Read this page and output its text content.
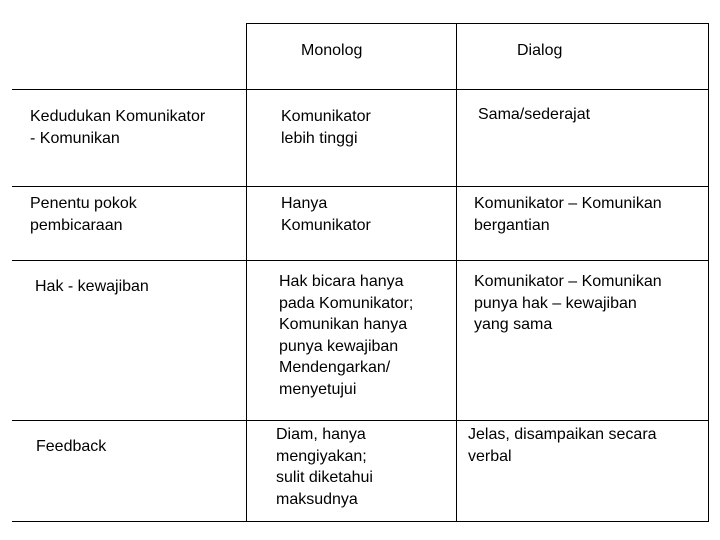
Monolog	Dialog
Kedudukan Komunikator
- Komunikan
Komunikator
lebih tinggi
Sama/sederajat
Penentu pokok
pembicaraan
Hanya
Komunikator
Komunikator – Komunikan
bergantian
Hak - kewajiban	Hak bicara hanya
pada Komunikator;
Komunikan hanya
punya kewajiban
Mendengarkan/
menyetujui
Komunikator – Komunikan
punya hak – kewajiban
yang sama
Feedback
Diam, hanya
mengiyakan;
sulit diketahui
maksudnya
Jelas, disampaikan secara
verbal
